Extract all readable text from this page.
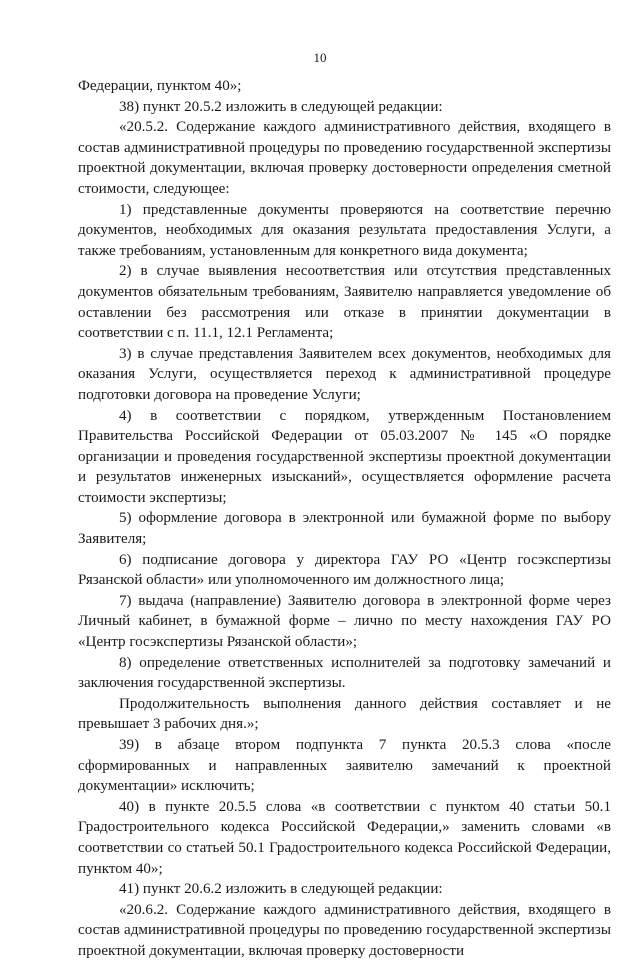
10

Федерации, пунктом 40»;

38) пункт 20.5.2 изложить в следующей редакции:

«20.5.2. Содержание каждого административного действия, входящего в состав административной процедуры по проведению государственной экспертизы проектной документации, включая проверку достоверности определения сметной стоимости, следующее:

1) представленные документы проверяются на соответствие перечню документов, необходимых для оказания результата предоставления Услуги, а также требованиям, установленным для конкретного вида документа;

2) в случае выявления несоответствия или отсутствия представленных документов обязательным требованиям, Заявителю направляется уведомление об оставлении без рассмотрения или отказе в принятии документации в соответствии с п. 11.1, 12.1 Регламента;

3) в случае представления Заявителем всех документов, необходимых для оказания Услуги, осуществляется переход к административной процедуре подготовки договора на проведение Услуги;

4) в соответствии с порядком, утвержденным Постановлением Правительства Российской Федерации от 05.03.2007 № 145 «О порядке организации и проведения государственной экспертизы проектной документации и результатов инженерных изысканий», осуществляется оформление расчета стоимости экспертизы;

5) оформление договора в электронной или бумажной форме по выбору Заявителя;

6) подписание договора у директора ГАУ РО «Центр госэкспертизы Рязанской области» или уполномоченного им должностного лица;

7) выдача (направление) Заявителю договора в электронной форме через Личный кабинет, в бумажной форме – лично по месту нахождения ГАУ РО «Центр госэкспертизы Рязанской области»;

8) определение ответственных исполнителей за подготовку замечаний и заключения государственной экспертизы.

Продолжительность выполнения данного действия составляет и не превышает 3 рабочих дня.»;

39) в абзаце втором подпункта 7 пункта 20.5.3 слова «после сформированных и направленных заявителю замечаний к проектной документации» исключить;

40) в пункте 20.5.5 слова «в соответствии с пунктом 40 статьи 50.1 Градостроительного кодекса Российской Федерации,» заменить словами «в соответствии со статьей 50.1 Градостроительного кодекса Российской Федерации, пунктом 40»;

41) пункт 20.6.2 изложить в следующей редакции:

«20.6.2. Содержание каждого административного действия, входящего в состав административной процедуры по проведению государственной экспертизы проектной документации, включая проверку достоверности
